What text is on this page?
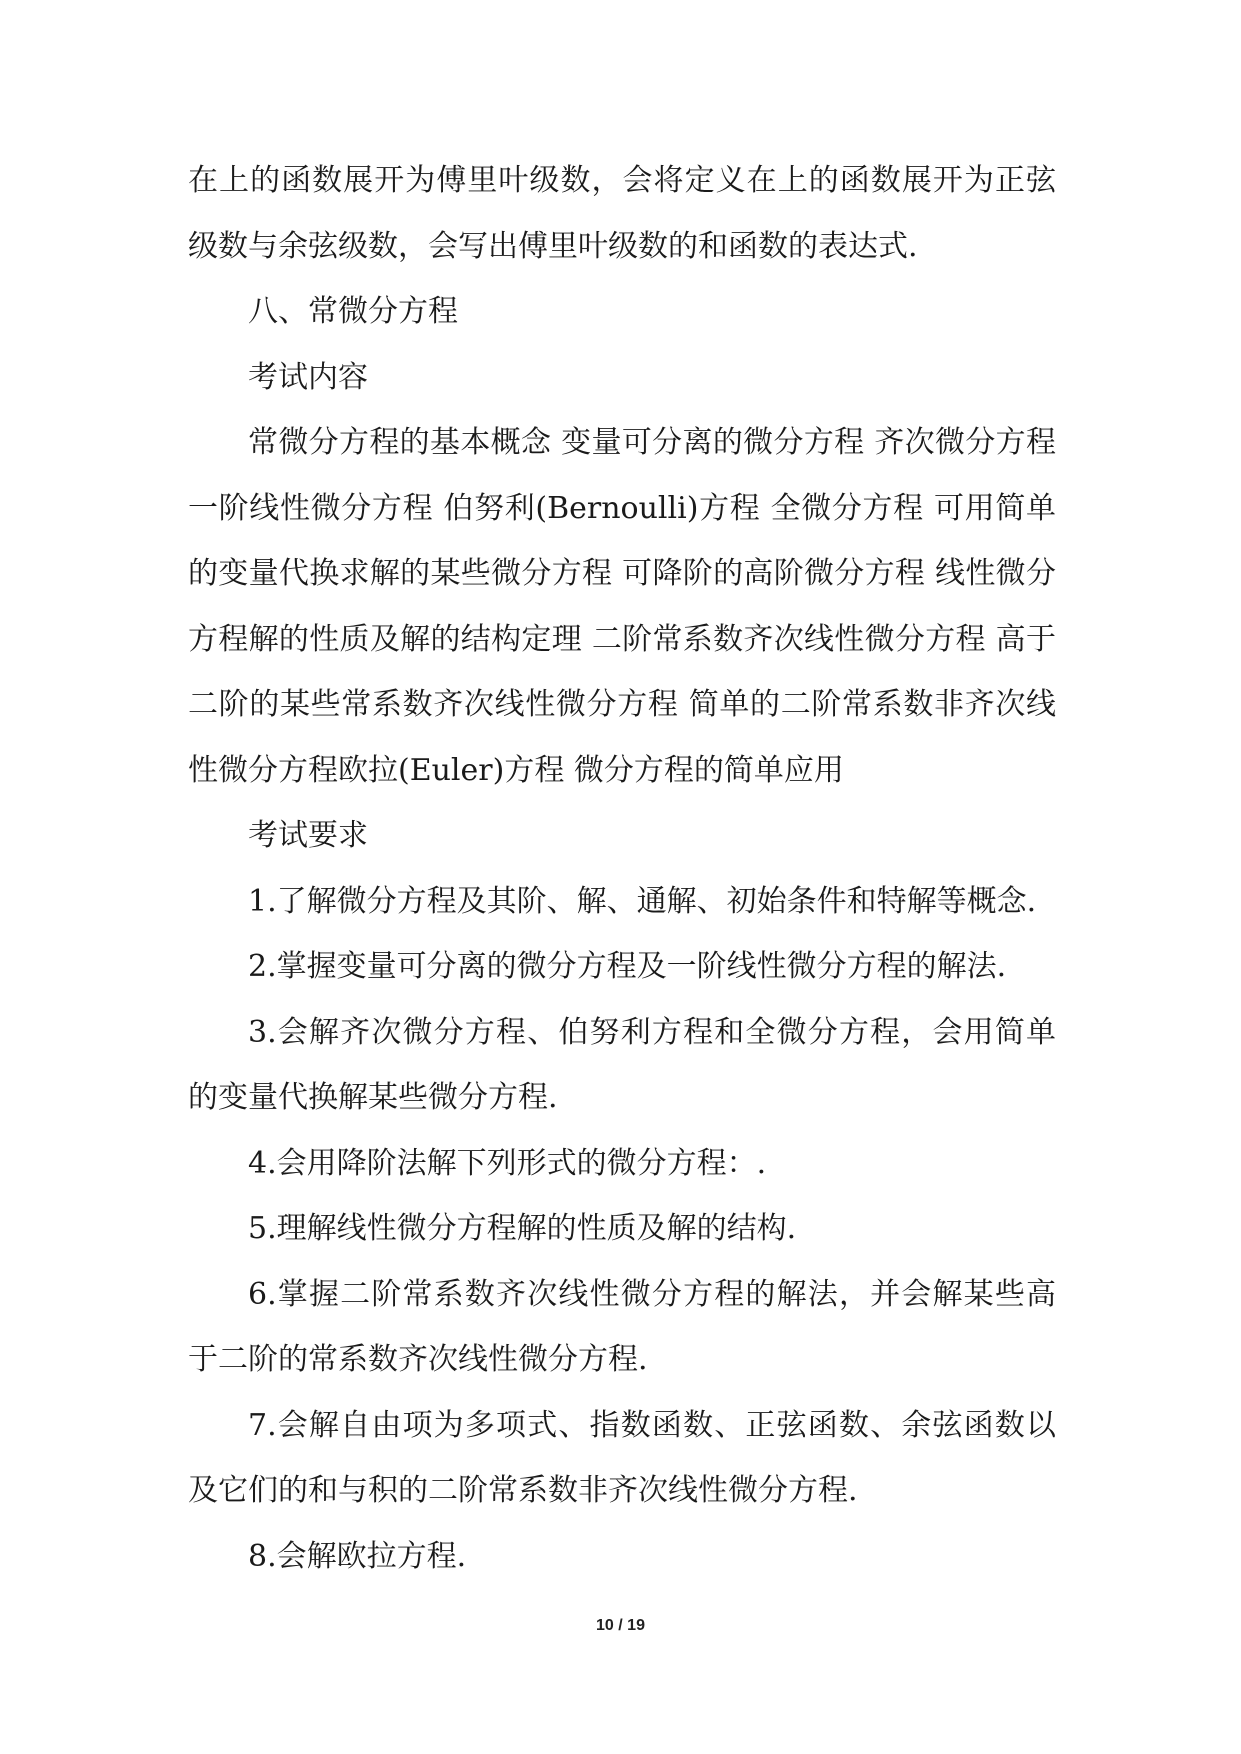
在上的函数展开为傅里叶级数，会将定义在上的函数展开为正弦级数与余弦级数，会写出傅里叶级数的和函数的表达式.

八、常微分方程

考试内容

常微分方程的基本概念 变量可分离的微分方程 齐次微分方程 一阶线性微分方程 伯努利(Bernoulli)方程 全微分方程 可用简单的变量代换求解的某些微分方程 可降阶的高阶微分方程 线性微分方程解的性质及解的结构定理 二阶常系数齐次线性微分方程 高于二阶的某些常系数齐次线性微分方程 简单的二阶常系数非齐次线性微分方程欧拉(Euler)方程 微分方程的简单应用

考试要求

1.了解微分方程及其阶、解、通解、初始条件和特解等概念.

2.掌握变量可分离的微分方程及一阶线性微分方程的解法.

3.会解齐次微分方程、伯努利方程和全微分方程，会用简单的变量代换解某些微分方程.

4.会用降阶法解下列形式的微分方程：.

5.理解线性微分方程解的性质及解的结构.

6.掌握二阶常系数齐次线性微分方程的解法，并会解某些高于二阶的常系数齐次线性微分方程.

7.会解自由项为多项式、指数函数、正弦函数、余弦函数以及它们的和与积的二阶常系数非齐次线性微分方程.

8.会解欧拉方程.

10 / 19
